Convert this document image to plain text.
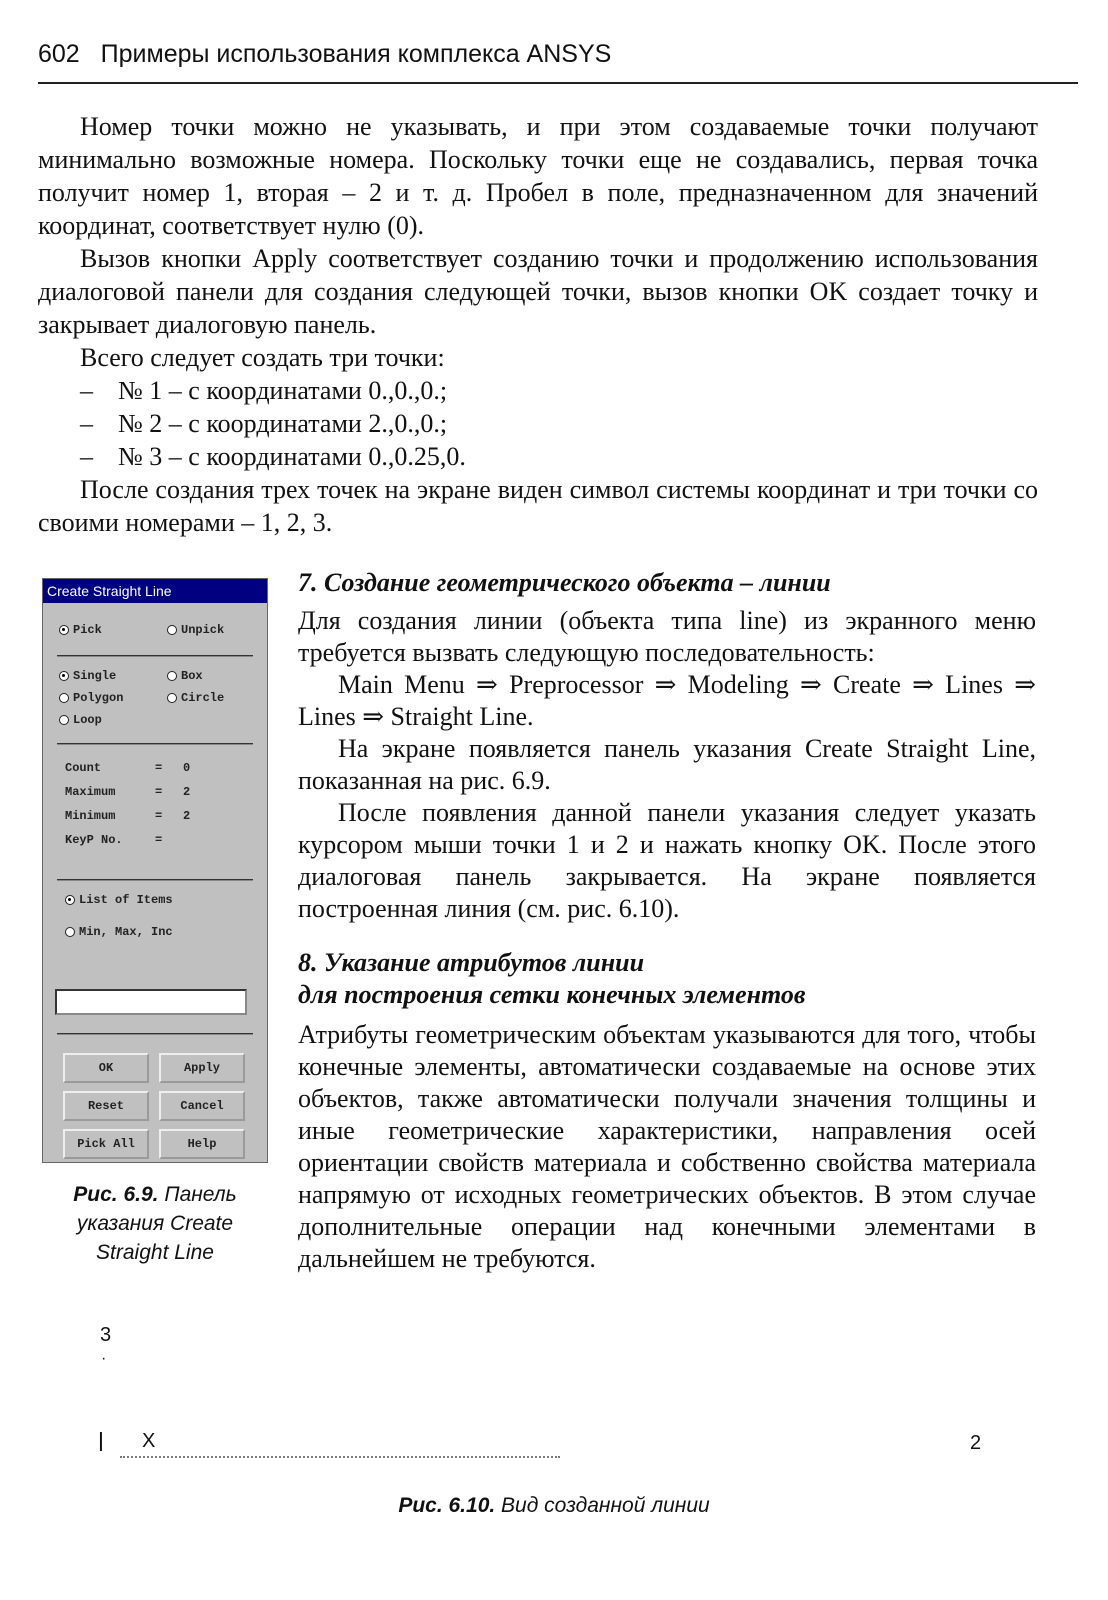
602 Примеры использования комплекса ANSYS

Номер точки можно не указывать, и при этом создаваемые точки получают минимально возможные номера. Поскольку точки еще не создавались, первая точка получит номер 1, вторая – 2 и т. д. Пробел в поле, предназначенном для значений координат, соответствует нулю (0).

Вызов кнопки Apply соответствует созданию точки и продолжению использования диалоговой панели для создания следующей точки, вызов кнопки OK создает точку и закрывает диалоговую панель.

Всего следует создать три точки:

– № 1 – с координатами 0.,0.,0.;
– № 2 – с координатами 2.,0.,0.;
– № 3 – с координатами 0.,0.25,0.

После создания трех точек на экране виден символ системы координат и три точки со своими номерами – 1, 2, 3.

Create Straight Line
Pick	Unpick
Single	Box
Polygon	Circle
Loop
Count	=	0
Maximum	=	2
Minimum	=	2
KeyP No.	=
List of Items
Min, Max, Inc
OK	Apply
Reset	Cancel
Pick All	Help
Рис. 6.9. Панель указания Create Straight Line
7. Создание геометрического объекта – линии

Для создания линии (объекта типа line) из экранного меню требуется вызвать следующую последовательность:

Main Menu ⇒ Preprocessor ⇒ Modeling ⇒ Create ⇒ Lines ⇒ Lines ⇒ Straight Line.

На экране появляется панель указания Create Straight Line, показанная на рис. 6.9.

После появления данной панели указания следует указать курсором мыши точки 1 и 2 и нажать кнопку OK. После этого диалоговая панель закрывается. На экране появляется построенная линия (см. рис. 6.10).

8. Указание атрибутов линии
для построения сетки конечных элементов

Атрибуты геометрическим объектам указываются для того, чтобы конечные элементы, автоматически создаваемые на основе этих объектов, также автоматически получали значения толщины и иные геометрические характеристики, направления осей ориентации свойств материала и собственно свойства материала напрямую от исходных геометрических объектов. В этом случае дополнительные операции над конечными элементами в дальнейшем не требуются.

3
·
ꟾ X	2
Рис. 6.10. Вид созданной линии
